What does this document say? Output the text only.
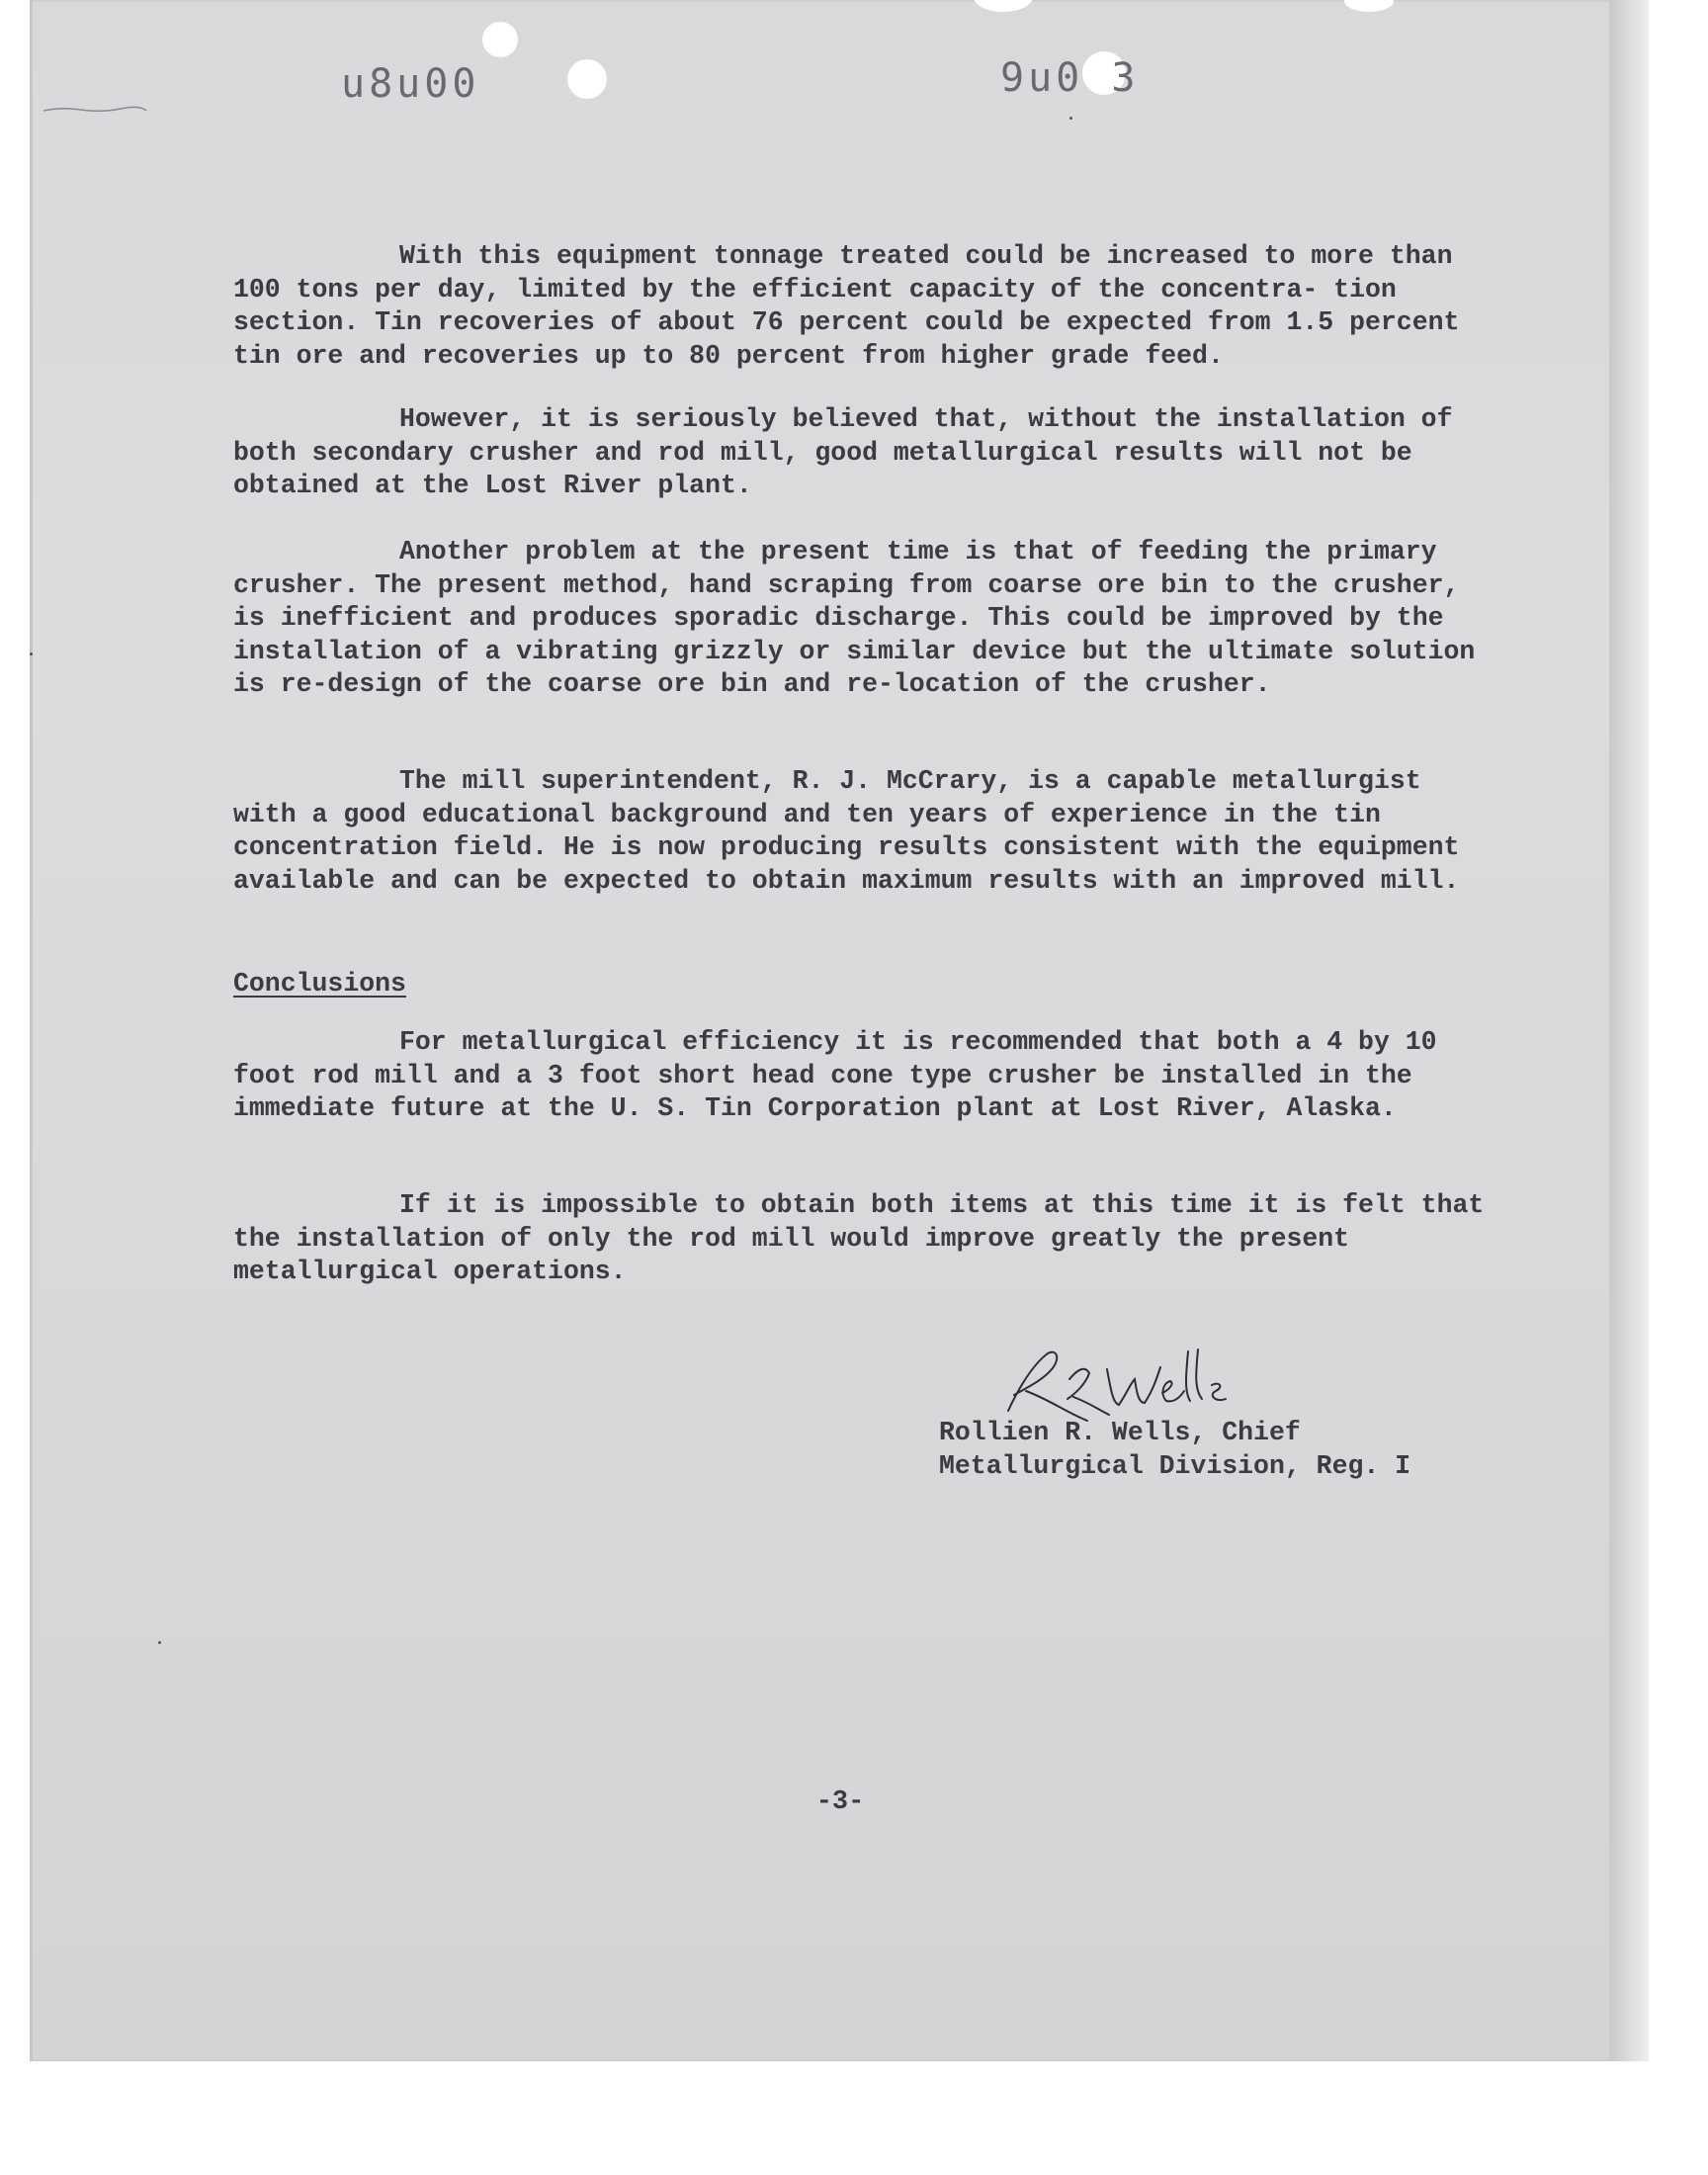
u8u00	9u0 3

With this equipment tonnage treated could be increased to more than 100 tons per day, limited by the efficient capacity of the concentra- tion section. Tin recoveries of about 76 percent could be expected from 1.5 percent tin ore and recoveries up to 80 percent from higher grade feed.

However, it is seriously believed that, without the installation of both secondary crusher and rod mill, good metallurgical results will not be obtained at the Lost River plant.

Another problem at the present time is that of feeding the primary crusher. The present method, hand scraping from coarse ore bin to the crusher, is inefficient and produces sporadic discharge. This could be improved by the installation of a vibrating grizzly or similar device but the ultimate solution is re-design of the coarse ore bin and re-location of the crusher.

The mill superintendent, R. J. McCrary, is a capable metallurgist with a good educational background and ten years of experience in the tin concentration field. He is now producing results consistent with the equipment available and can be expected to obtain maximum results with an improved mill.

Conclusions

For metallurgical efficiency it is recommended that both a 4 by 10 foot rod mill and a 3 foot short head cone type crusher be installed in the immediate future at the U. S. Tin Corporation plant at Lost River, Alaska.

If it is impossible to obtain both items at this time it is felt that the installation of only the rod mill would improve greatly the present metallurgical operations.

Rollien R. Wells, Chief

Metallurgical Division, Reg. I

-3-
